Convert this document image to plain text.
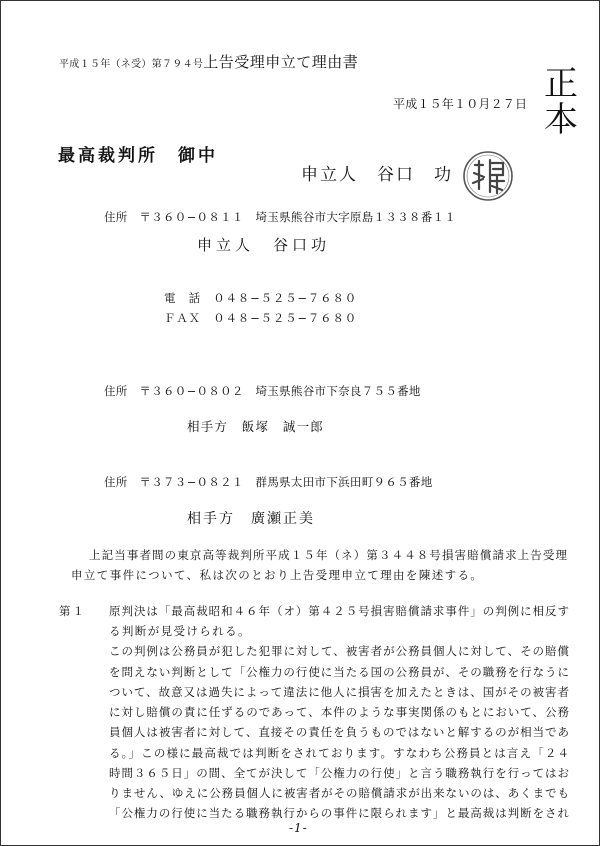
平成１５年（ネ受）第７９４号 上告受理申立て理由書
正
本
平成１５年１０月２７日
最高裁判所　御中
申立人　谷口　功
住所　〒３６０−０８１１　埼玉県熊谷市大字原島１３３８番１１
申立人　谷口功
電　話　０４８−５２５−７６８０
ＦＡＸ　０４８−５２５−７６８０
住所　〒３６０−０８０２　埼玉県熊谷市下奈良７５５番地
相手方　飯塚　誠一郎
住所　〒３７３−０８２１　群馬県太田市下浜田町９６５番地
相手方　廣瀬正美
上記当事者間の東京高等裁判所平成１５年（ネ）第３４４８号損害賠償請求上告受理
申立て事件について、私は次のとおり上告受理申立て理由を陳述する。
第１ 原判決は「最高裁昭和４６年（オ）第４２５号損害賠償請求事件」の判例に相反す
る判断が見受けられる。
この判例は公務員が犯した犯罪に対して、被害者が公務員個人に対して、その賠償
を問えない判断として「公権力の行使に当たる国の公務員が、その職務を行なうに
ついて、故意又は過失によって違法に他人に損害を加えたときは、国がその被害者
に対し賠償の責に任ずるのであって、本件のような事実関係のもとにおいて、公務
員個人は被害者に対して、直接その責任を負うものではないと解するのが相当であ
る。」この様に最高裁では判断をされております。すなわち公務員とは言え「２４
時間３６５日」の間、全てが決して「公権力の行使」と言う職務執行を行ってはお
りません、ゆえに公務員個人に被害者がその賠償請求が出来ないのは、あくまでも
「公権力の行使に当たる職務執行からの事件に限られます」と最高裁は判断をされ
-1-
